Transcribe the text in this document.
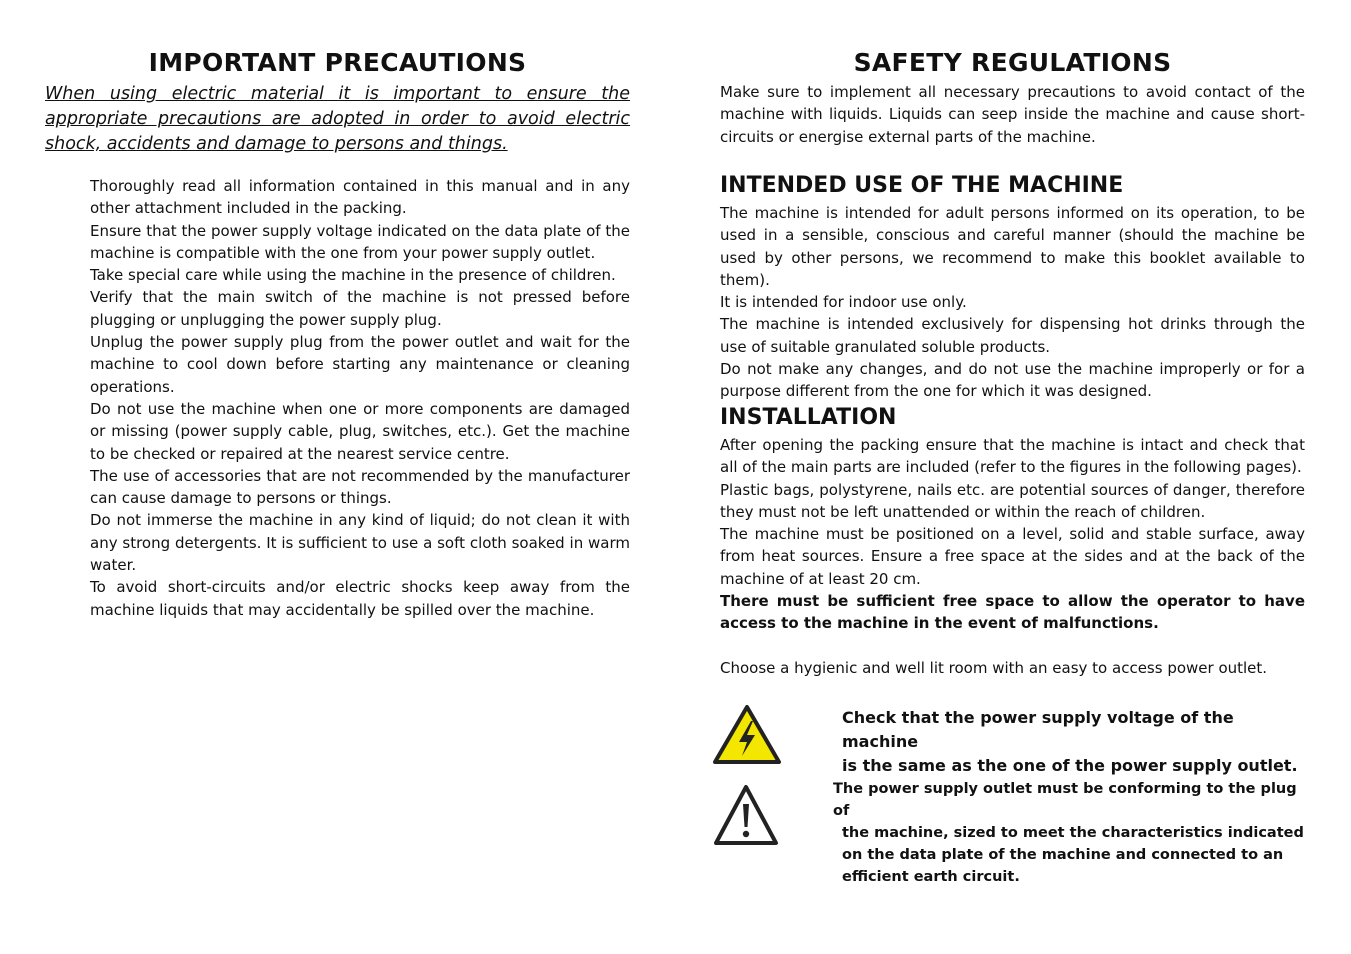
IMPORTANT PRECAUTIONS

When using electric material it is important to ensure the appropriate precautions are adopted in order to avoid electric shock, accidents and damage to persons and things.

Thoroughly read all information contained in this manual and in any other attachment included in the packing.
Ensure that the power supply voltage indicated on the data plate of the machine is compatible with the one from your power supply outlet.
Take special care while using the machine in the presence of children.
Verify that the main switch of the machine is not pressed before plugging or unplugging the power supply plug.
Unplug the power supply plug from the power outlet and wait for the machine to cool down before starting any maintenance or cleaning operations.
Do not use the machine when one or more components are damaged or missing (power supply cable, plug, switches, etc.). Get the machine to be checked or repaired at the nearest service centre.
The use of accessories that are not recommended by the manufacturer can cause damage to persons or things.
Do not immerse the machine in any kind of liquid; do not clean it with any strong detergents. It is sufficient to use a soft cloth soaked in warm water.
To avoid short-circuits and/or electric shocks keep away from the machine liquids that may accidentally be spilled over the machine.
SAFETY REGULATIONS

Make sure to implement all necessary precautions to avoid contact of the machine with liquids. Liquids can seep inside the machine and cause short-circuits or energise external parts of the machine.

INTENDED USE OF THE MACHINE

The machine is intended for adult persons informed on its operation, to be used in a sensible, conscious and careful manner (should the machine be used by other persons, we recommend to make this booklet available to them).

It is intended for indoor use only.

The machine is intended exclusively for dispensing hot drinks through the use of suitable granulated soluble products.

Do not make any changes, and do not use the machine improperly or for a purpose different from the one for which it was designed.

INSTALLATION

After opening the packing ensure that the machine is intact and check that all of the main parts are included (refer to the figures in the following pages).

Plastic bags, polystyrene, nails etc. are potential sources of danger, therefore they must not be left unattended or within the reach of children.

The machine must be positioned on a level, solid and stable surface, away from heat sources. Ensure a free space at the sides and at the back of the machine of at least 20 cm.

There must be sufficient free space to allow the operator to have access to the machine in the event of malfunctions.

Choose a hygienic and well lit room with an easy to access power outlet.

Check that the power supply voltage of the machine
is the same as the one of the power supply outlet.
The power supply outlet must be conforming to the plug of
the machine, sized to meet the characteristics indicated
on the data plate of the machine and connected to an
efficient earth circuit.
